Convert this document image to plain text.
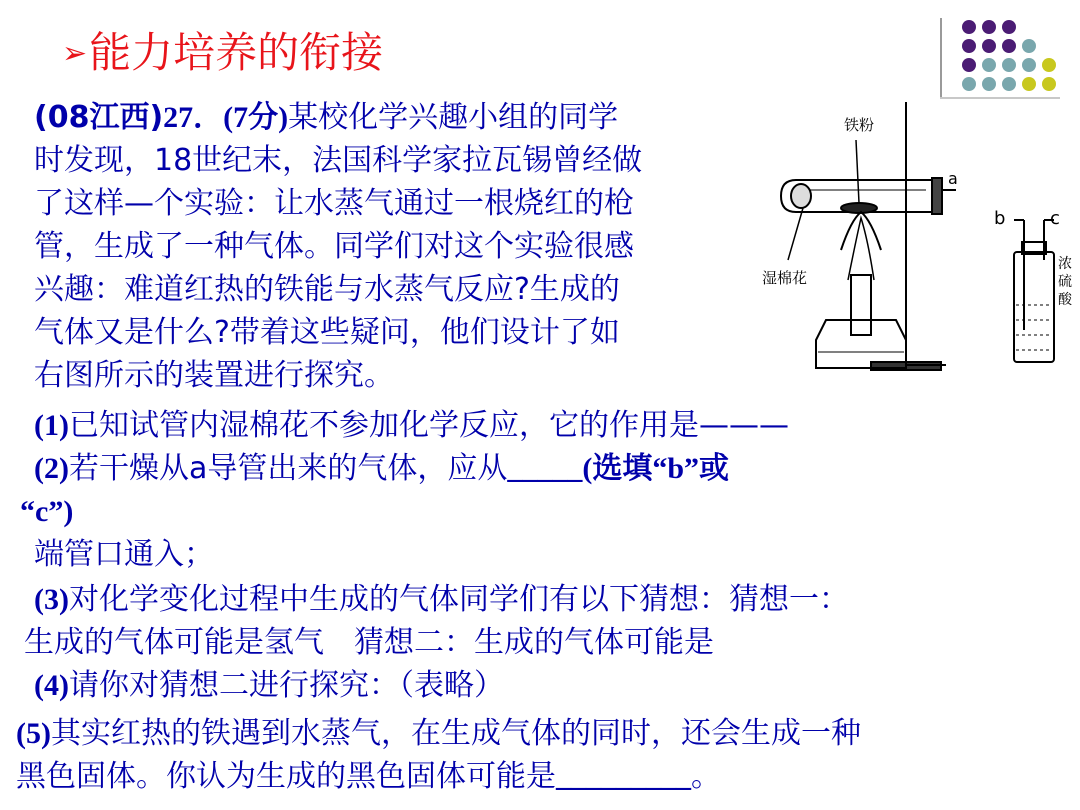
➢能力培养的衔接
(08江西)27．(7分)某校化学兴趣小组的同学
时发现，18世纪末，法国科学家拉瓦锡曾经做
了这样—个实验：让水蒸气通过一根烧红的枪
管，生成了一种气体。同学们对这个实验很感
兴趣：难道红热的铁能与水蒸气反应?生成的
气体又是什么?带着这些疑问，他们设计了如
右图所示的装置进行探究。
(1)已知试管内湿棉花不参加化学反应，它的作用是———
(2)若干燥从a导管出来的气体，应从_____(选填“b”或
“c”)
端管口通入；
(3)对化学变化过程中生成的气体同学们有以下猜想：猜想一：
生成的气体可能是氢气　猜想二：生成的气体可能是
(4)请你对猜想二进行探究：（表略）
(5)其实红热的铁遇到水蒸气，在生成气体的同时，还会生成一种
黑色固体。你认为生成的黑色固体可能是_________。
铁粉
湿棉花
a
b c
浓
硫
酸
